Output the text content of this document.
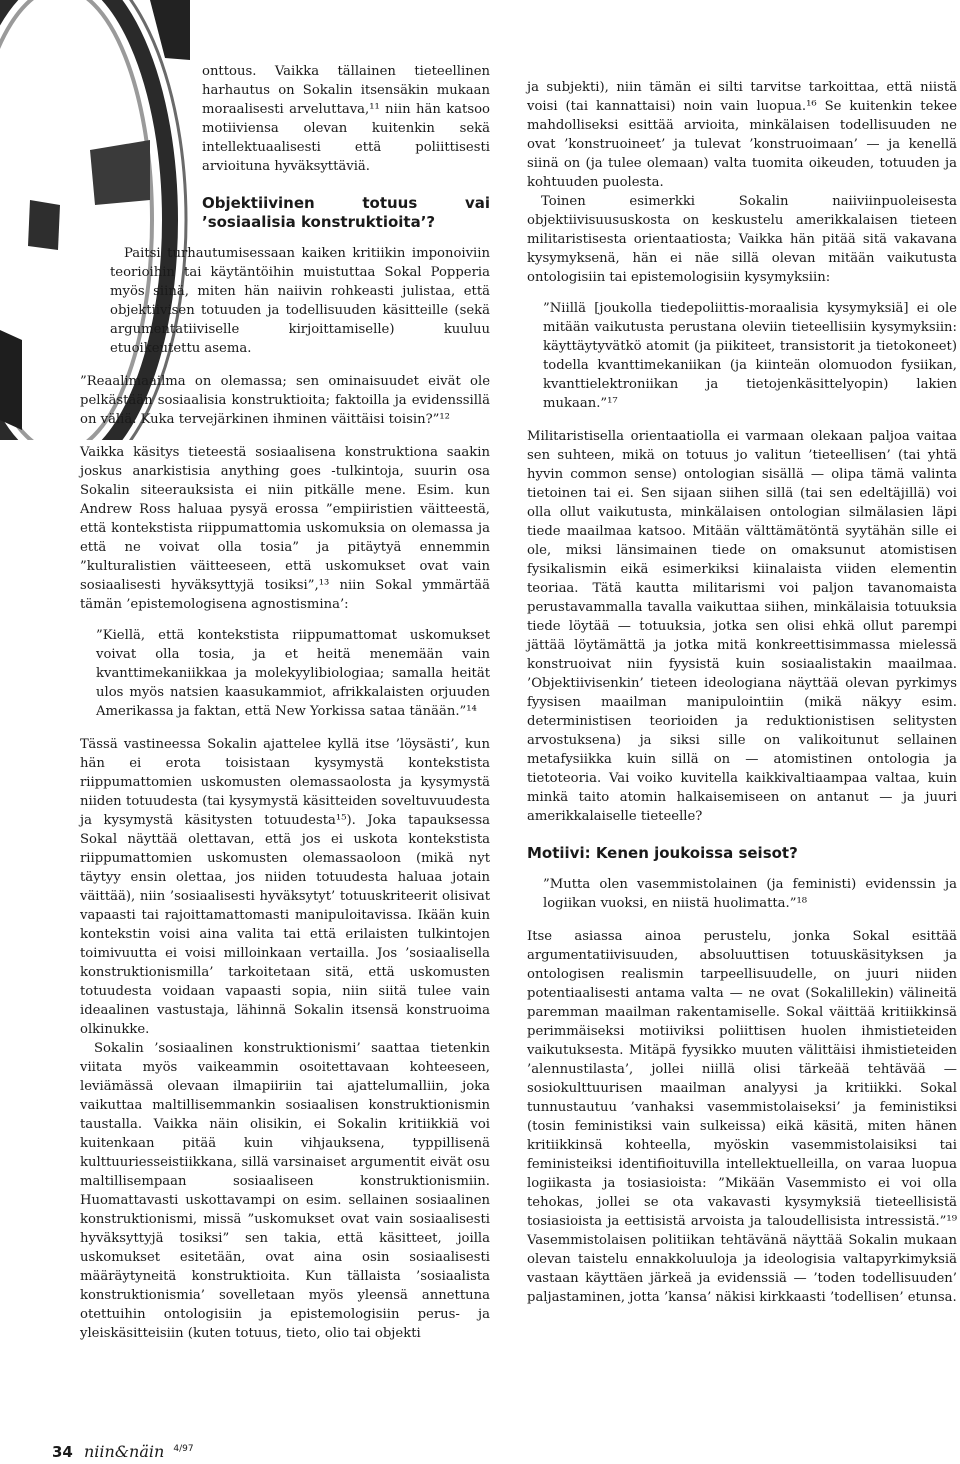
onttous. Vaikka tällainen tieteellinen harhautus on Sokalin itsensäkin mukaan moraalisesti arveluttava,¹¹ niin hän katsoo motiiviensa olevan kuitenkin sekä intellektuaalisesti että poliittisesti arvioituna hyväksyttäviä.

Objektiivinen totuus vai ’sosiaalisia konstruktioita’?

Paitsi turhautumisessaan kaiken kritiikin imponoiviin teorioihin tai käytäntöihin muistuttaa Sokal Popperia myös siinä, miten hän naiivin rohkeasti julistaa, että objektiivisen totuuden ja todellisuuden käsitteille (sekä argumentatiiviselle kirjoittamiselle) kuuluu etuoikeutettu asema.

”Reaalimaailma on olemassa; sen ominaisuudet eivät ole pelkästään sosiaalisia konstruktioita; faktoilla ja evidenssillä on väliä. Kuka tervejärkinen ihminen väittäisi toisin?”¹²

Vaikka käsitys tieteestä sosiaalisena konstruktiona saakin joskus anarkistisia anything goes -tulkintoja, suurin osa Sokalin siteerauksista ei niin pitkälle mene. Esim. kun Andrew Ross haluaa pysyä erossa ”empiiristien väitteestä, että kontekstista riippumattomia uskomuksia on olemassa ja että ne voivat olla tosia” ja pitäytyä ennemmin ”kulturalistien väitteeseen, että uskomukset ovat vain sosiaalisesti hyväksyttyjä tosiksi”,¹³ niin Sokal ymmärtää tämän ’epistemologisena agnostismina’:

”Kiellä, että kontekstista riippumattomat uskomukset voivat olla tosia, ja et heitä menemään vain kvanttimekaniikkaa ja molekyylibiologiaa; samalla heität ulos myös natsien kaasukammiot, afrikkalaisten orjuuden Amerikassa ja faktan, että New Yorkissa sataa tänään.”¹⁴

Tässä vastineessa Sokalin ajattelee kyllä itse ’löysästi’, kun hän ei erota toisistaan kysymystä kontekstista riippumattomien uskomusten olemassaolosta ja kysymystä niiden totuudesta (tai kysymystä käsitteiden soveltuvuudesta ja kysymystä käsitysten totuudesta¹⁵). Joka tapauksessa Sokal näyttää olettavan, että jos ei uskota kontekstista riippumattomien uskomusten olemassaoloon (mikä nyt täytyy ensin olettaa, jos niiden totuudesta haluaa jotain väittää), niin ’sosiaalisesti hyväksytyt’ totuuskriteerit olisivat vapaasti tai rajoittamattomasti manipuloitavissa. Ikään kuin kontekstin voisi aina valita tai että erilaisten tulkintojen toimivuutta ei voisi milloinkaan vertailla. Jos ’sosiaalisella konstruktionismilla’ tarkoitetaan sitä, että uskomusten totuudesta voidaan vapaasti sopia, niin siitä tulee vain ideaalinen vastustaja, lähinnä Sokalin itsensä konstruoima olkinukke.

Sokalin ’sosiaalinen konstruktionismi’ saattaa tietenkin viitata myös vaikeammin osoitettavaan kohteeseen, leviämässä olevaan ilmapiiriin tai ajattelumalliin, joka vaikuttaa maltillisemmankin sosiaalisen konstruktionismin taustalla. Vaikka näin olisikin, ei Sokalin kritiikkiä voi kuitenkaan pitää kuin vihjauksena, typpillisenä kulttuuriesseistiikkana, sillä varsinaiset argumentit eivät osu maltillisempaan sosiaaliseen konstruktionismiin. Huomattavasti uskottavampi on esim. sellainen sosiaalinen konstruktionismi, missä ”uskomukset ovat vain sosiaalisesti hyväksyttyjä tosiksi” sen takia, että käsitteet, joilla uskomukset esitetään, ovat aina osin sosiaalisesti määräytyneitä konstruktioita. Kun tällaista ’sosiaalista konstruktionismia’ sovelletaan myös yleensä annettuna otettuihin ontologisiin ja epistemologisiin perus- ja yleiskäsitteisiin (kuten totuus, tieto, olio tai objekti

ja subjekti), niin tämän ei silti tarvitse tarkoittaa, että niistä voisi (tai kannattaisi) noin vain luopua.¹⁶ Se kuitenkin tekee mahdolliseksi esittää arvioita, minkälaisen todellisuuden ne ovat ’konstruoineet’ ja tulevat ’konstruoimaan’ — ja kenellä siinä on (ja tulee olemaan) valta tuomita oikeuden, totuuden ja kohtuuden puolesta.

Toinen esimerkki Sokalin naiiviinpuoleisesta objektiivisuususkosta on keskustelu amerikkalaisen tieteen militaristisesta orientaatiosta; Vaikka hän pitää sitä vakavana kysymyksenä, hän ei näe sillä olevan mitään vaikutusta ontologisiin tai epistemologisiin kysymyksiin:

”Niillä [joukolla tiedepoliittis-moraalisia kysymyksiä] ei ole mitään vaikutusta perustana oleviin tieteellisiin kysymyksiin: käyttäytyvätkö atomit (ja piikiteet, transistorit ja tietokoneet) todella kvanttimekaniikan (ja kiinteän olomuodon fysiikan, kvanttielektroniikan ja tietojenkäsittelyopin) lakien mukaan.”¹⁷

Militaristisella orientaatiolla ei varmaan olekaan paljoa vaitaa sen suhteen, mikä on totuus jo valitun ’tieteellisen’ (tai yhtä hyvin common sense) ontologian sisällä — olipa tämä valinta tietoinen tai ei. Sen sijaan siihen sillä (tai sen edeltäjillä) voi olla ollut vaikutusta, minkälaisen ontologian silmälasien läpi tiede maailmaa katsoo. Mitään välttämätöntä syytähän sille ei ole, miksi länsimainen tiede on omaksunut atomistisen fysikalismin eikä esimerkiksi kiinalaista viiden elementin teoriaa. Tätä kautta militarismi voi paljon tavanomaista perustavammalla tavalla vaikuttaa siihen, minkälaisia totuuksia tiede löytää — totuuksia, jotka sen olisi ehkä ollut parempi jättää löytämättä ja jotka mitä konkreettisimmassa mielessä konstruoivat niin fyysistä kuin sosiaalistakin maailmaa. ’Objektiivisenkin’ tieteen ideologiana näyttää olevan pyrkimys fyysisen maailman manipulointiin (mikä näkyy esim. deterministisen teorioiden ja reduktionistisen selitysten arvostuksena) ja siksi sille on valikoitunut sellainen metafysiikka kuin sillä on — atomistinen ontologia ja tietoteoria. Vai voiko kuvitella kaikkivaltiaampaa valtaa, kuin minkä taito atomin halkaisemiseen on antanut — ja juuri amerikkalaiselle tieteelle?

Motiivi: Kenen joukoissa seisot?

”Mutta olen vasemmistolainen (ja feministi) evidenssin ja logiikan vuoksi, en niistä huolimatta.”¹⁸

Itse asiassa ainoa perustelu, jonka Sokal esittää argumentatiivisuuden, absoluuttisen totuuskäsityksen ja ontologisen realismin tarpeellisuudelle, on juuri niiden potentiaalisesti antama valta — ne ovat (Sokalillekin) välineitä paremman maailman rakentamiselle. Sokal väittää kritiikkinsä perimmäiseksi motiiviksi poliittisen huolen ihmistieteiden vaikutuksesta. Mitäpä fyysikko muuten välittäisi ihmistieteiden ’alennustilasta’, jollei niillä olisi tärkeää tehtävää — sosiokulttuurisen maailman analyysi ja kritiikki. Sokal tunnustautuu ’vanhaksi vasemmistolaiseksi’ ja feministiksi (tosin feministiksi vain sulkeissa) eikä käsitä, miten hänen kritiikkinsä kohteella, myöskin vasemmistolaisiksi tai feministeiksi identifioituvilla intellektuelleilla, on varaa luopua logiikasta ja tosiasioista: ”Mikään Vasemmisto ei voi olla tehokas, jollei se ota vakavasti kysymyksiä tieteellisistä tosiasioista ja eettisistä arvoista ja taloudellisista intressistä.”¹⁹ Vasemmistolaisen politiikan tehtävänä näyttää Sokalin mukaan olevan taistelu ennakkoluuloja ja ideologisia valtapyrkimyksiä vastaan käyttäen järkeä ja evidenssiä — ’toden todellisuuden’ paljastaminen, jotta ’kansa’ näkisi kirkkaasti ’todellisen’ etunsa.

34 niin&näin $^{4/97}$
